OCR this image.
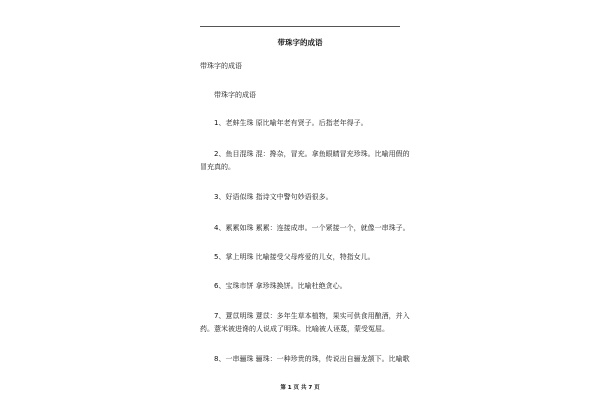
带珠字的成语
带珠字的成语
带珠字的成语
1、老蚌生珠 原比喻年老有贤子。后指老年得子。
2、鱼目混珠 混：搀杂，冒充。拿鱼眼睛冒充珍珠。比喻用假的
冒充真的。
3、好语似珠 指诗文中警句妙语很多。
4、累累如珠 累累：连接成串。一个紧接一个，就像一串珠子。
5、掌上明珠 比喻接受父母疼爱的儿女，特指女儿。
6、宝珠市饼 拿珍珠换饼。比喻杜绝贪心。
7、薏苡明珠 薏苡：多年生草本植物，果实可供食用酿酒，并入
药。薏米被进谗的人说成了明珠。比喻被人诬蔑，蒙受冤屈。
8、一串骊珠 骊珠：一种珍贵的珠，传说出自骊龙颔下。比喻歌
第 1 页 共 7 页
